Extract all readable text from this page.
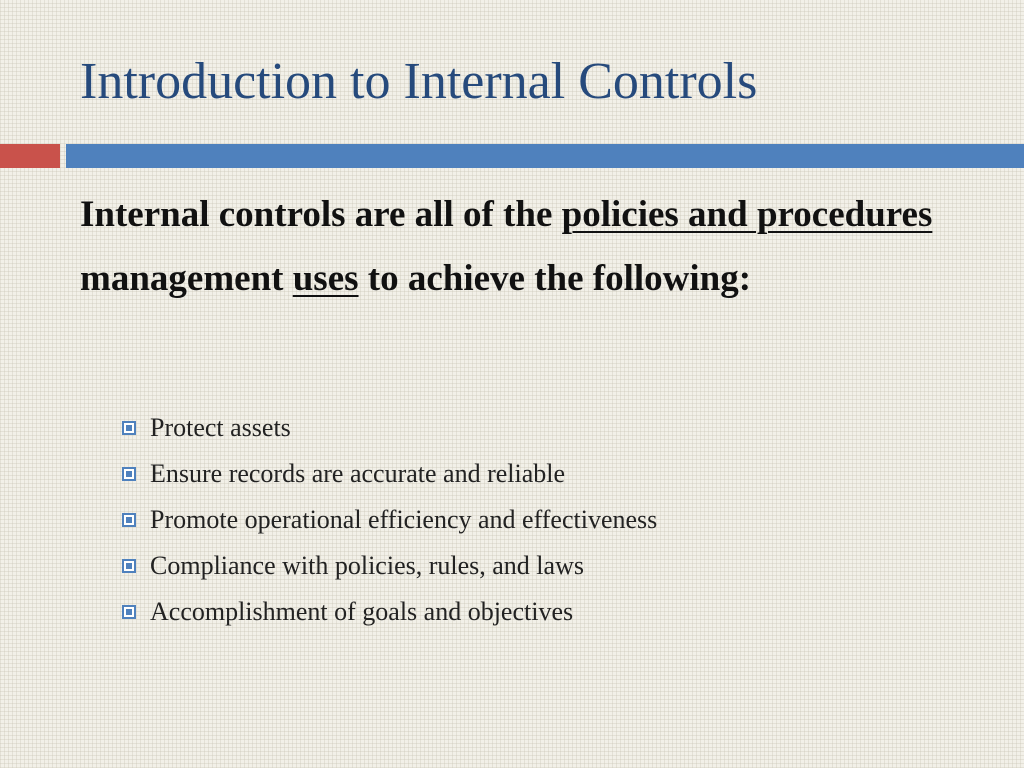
Introduction to Internal Controls

Internal controls are all of the policies and procedures management uses to achieve the following:

Protect assets
Ensure records are accurate and reliable
Promote operational efficiency and effectiveness
Compliance with policies, rules, and laws
Accomplishment of goals and objectives
